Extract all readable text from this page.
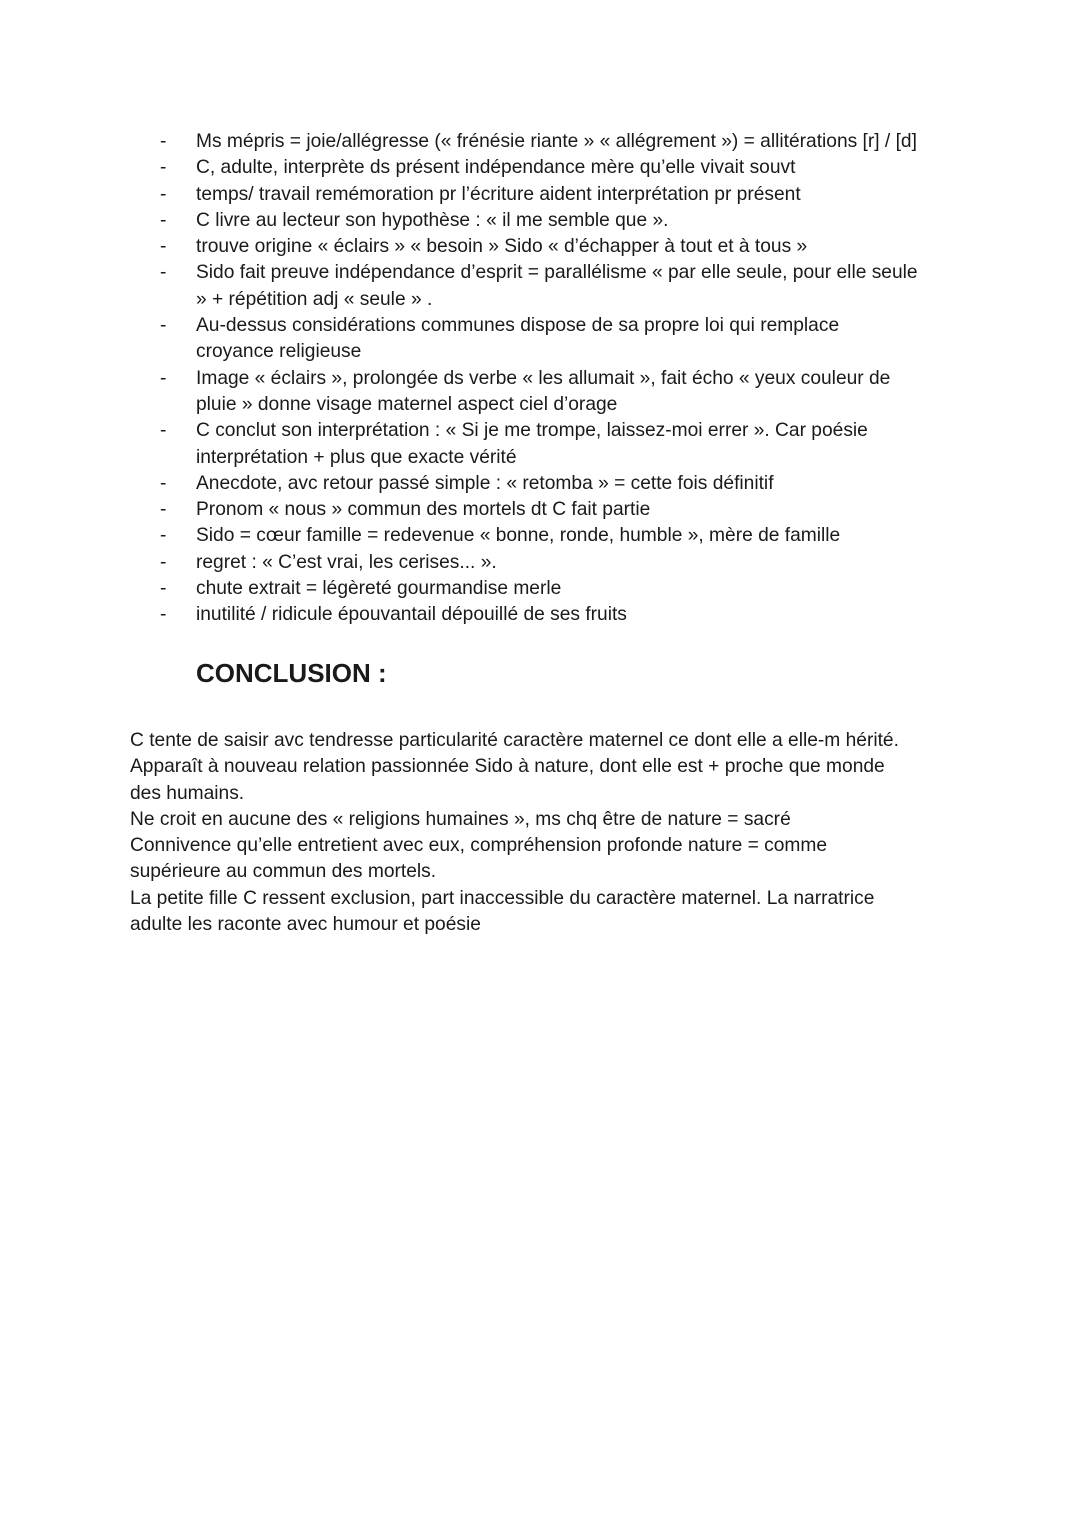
-	Ms mépris = joie/allégresse (« frénésie riante » « allégrement ») = allitérations [r] / [d]
-	C, adulte, interprète ds présent indépendance mère qu’elle vivait souvt
-	temps/ travail remémoration pr l’écriture aident interprétation pr présent
-	C livre au lecteur son hypothèse : « il me semble que ».
-	trouve origine « éclairs » « besoin » Sido « d’échapper à tout et à tous »
-	Sido fait preuve indépendance d’esprit = parallélisme « par elle seule, pour elle seule
» + répétition adj « seule » .
-	Au-dessus considérations communes dispose de sa propre loi qui remplace
croyance religieuse
-	Image « éclairs », prolongée ds verbe « les allumait », fait écho « yeux couleur de
pluie » donne visage maternel aspect ciel d’orage
-	C conclut son interprétation : « Si je me trompe, laissez-moi errer ». Car poésie
interprétation + plus que exacte vérité
-	Anecdote, avc retour passé simple : « retomba » = cette fois définitif
-	Pronom « nous » commun des mortels dt C fait partie
-	Sido = cœur famille = redevenue « bonne, ronde, humble », mère de famille
-	regret : « C’est vrai, les cerises... ».
-	chute extrait = légèreté gourmandise merle
-	inutilité / ridicule épouvantail dépouillé de ses fruits
CONCLUSION :
C tente de saisir avc tendresse particularité caractère maternel ce dont elle a elle-m hérité.
Apparaît à nouveau relation passionnée Sido à nature, dont elle est + proche que monde
des humains.
Ne croit en aucune des « religions humaines », ms chq être de nature = sacré
Connivence qu’elle entretient avec eux, compréhension profonde nature = comme
supérieure au commun des mortels.
La petite fille C ressent exclusion, part inaccessible du caractère maternel. La narratrice
adulte les raconte avec humour et poésie
